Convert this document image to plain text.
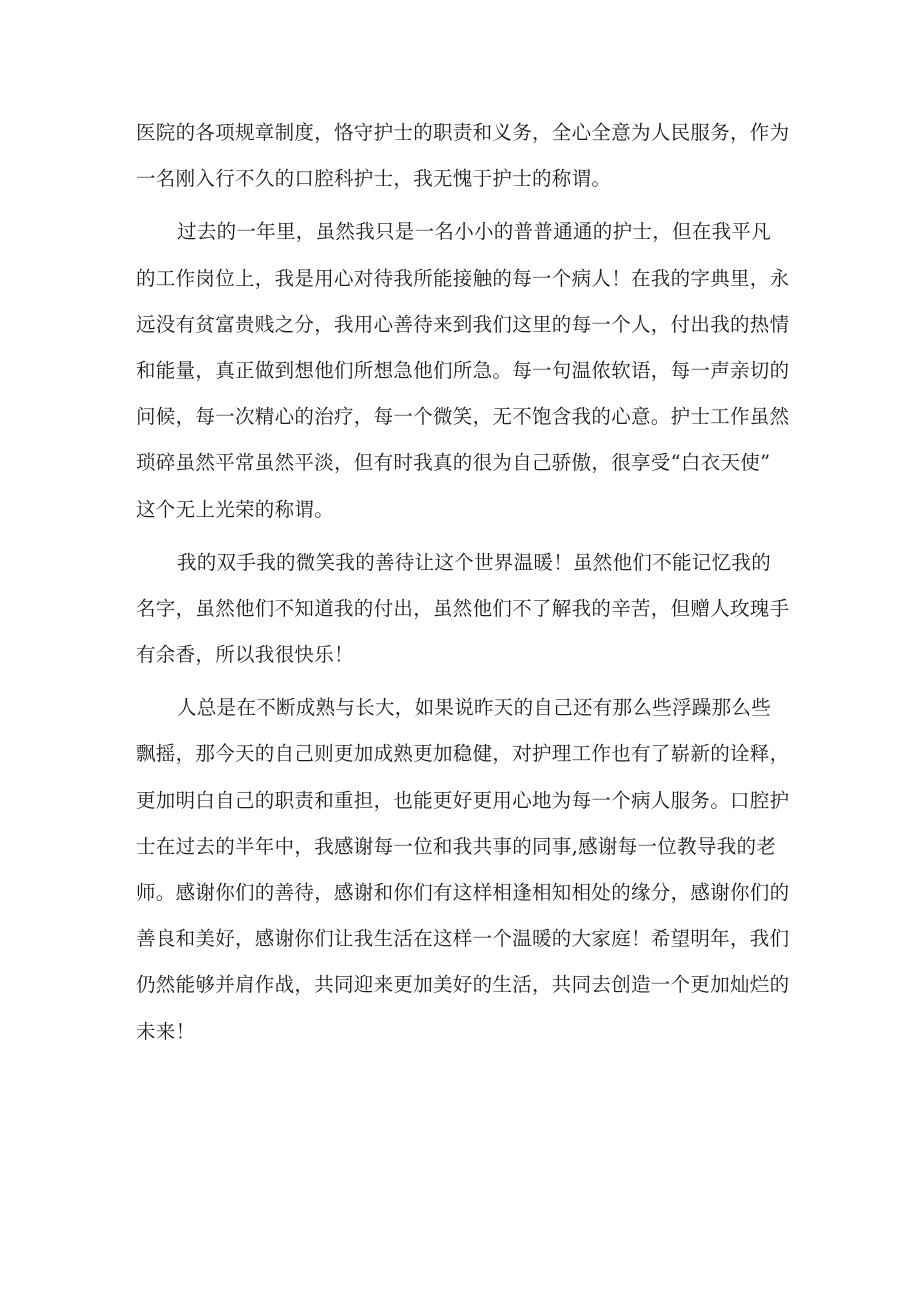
医院的各项规章制度，恪守护士的职责和义务，全心全意为人民服务，作为
一名刚入行不久的口腔科护士，我无愧于护士的称谓。
过去的一年里，虽然我只是一名小小的普普通通的护士，但在我平凡
的工作岗位上，我是用心对待我所能接触的每一个病人！在我的字典里，永
远没有贫富贵贱之分，我用心善待来到我们这里的每一个人，付出我的热情
和能量，真正做到想他们所想急他们所急。每一句温侬软语，每一声亲切的
问候，每一次精心的治疗，每一个微笑，无不饱含我的心意。护士工作虽然
琐碎虽然平常虽然平淡，但有时我真的很为自己骄傲，很享受“白衣天使”
这个无上光荣的称谓。
我的双手我的微笑我的善待让这个世界温暖！虽然他们不能记忆我的
名字，虽然他们不知道我的付出，虽然他们不了解我的辛苦，但赠人玫瑰手
有余香，所以我很快乐！
人总是在不断成熟与长大，如果说昨天的自己还有那么些浮躁那么些
飘摇，那今天的自己则更加成熟更加稳健，对护理工作也有了崭新的诠释，
更加明白自己的职责和重担，也能更好更用心地为每一个病人服务。口腔护
士在过去的半年中，我感谢每一位和我共事的同事,感谢每一位教导我的老
师。感谢你们的善待，感谢和你们有这样相逢相知相处的缘分，感谢你们的
善良和美好，感谢你们让我生活在这样一个温暖的大家庭！希望明年，我们
仍然能够并肩作战，共同迎来更加美好的生活，共同去创造一个更加灿烂的
未来！
